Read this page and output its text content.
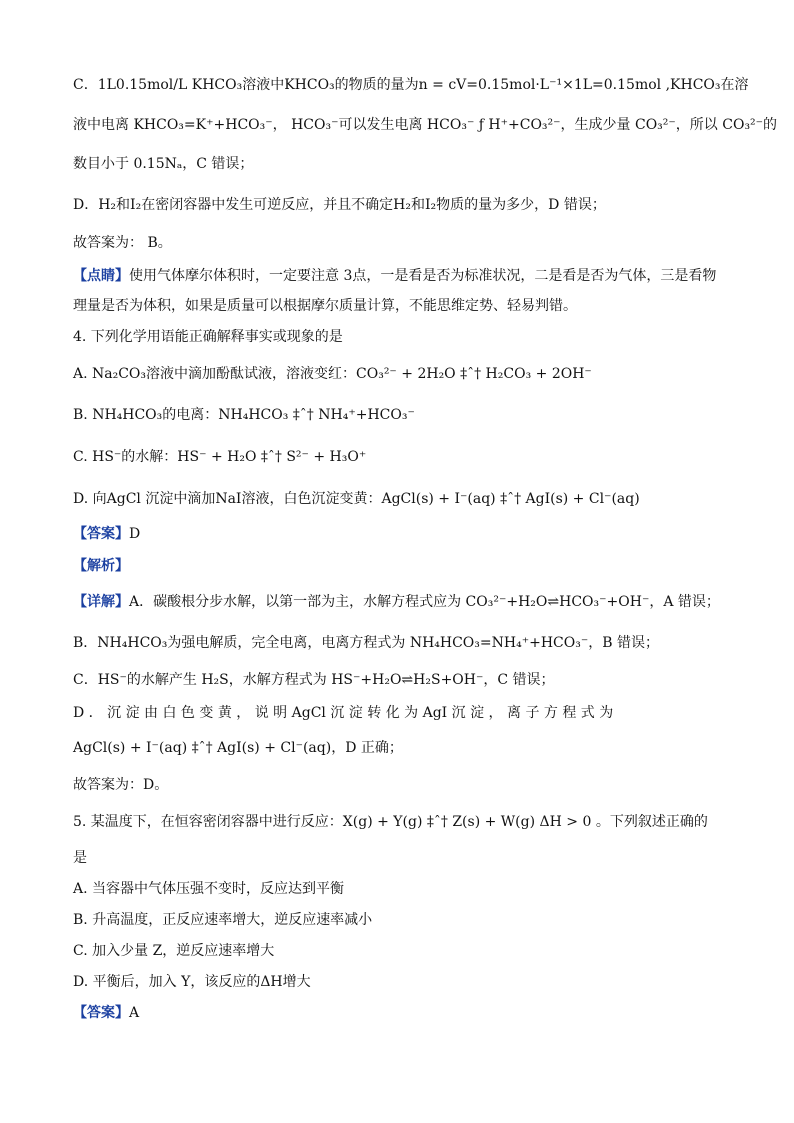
C．1L0.15mol/L KHCO₃溶液中KHCO₃的物质的量为n = cV=0.15mol·L⁻¹×1L=0.15mol ,KHCO₃在溶
液中电离 KHCO₃=K⁺+HCO₃⁻， HCO₃⁻可以发生电离 HCO₃⁻ ƒ H⁺+CO₃²⁻，生成少量 CO₃²⁻，所以 CO₃²⁻的
数目小于 0.15Nₐ，C 错误；
D．H₂和I₂在密闭容器中发生可逆反应，并且不确定H₂和I₂物质的量为多少，D 错误；
故答案为： B。
【点睛】使用气体摩尔体积时，一定要注意 3点，一是看是否为标准状况，二是看是否为气体，三是看物
理量是否为体积，如果是质量可以根据摩尔质量计算，不能思维定势、轻易判错。
4. 下列化学用语能正确解释事实或现象的是
A. Na₂CO₃溶液中滴加酚酞试液，溶液变红：CO₃²⁻ + 2H₂O ‡ˆ† H₂CO₃ + 2OH⁻
B. NH₄HCO₃的电离：NH₄HCO₃ ‡ˆ† NH₄⁺+HCO₃⁻
C. HS⁻的水解：HS⁻ + H₂O ‡ˆ† S²⁻ + H₃O⁺
D. 向AgCl 沉淀中滴加NaI溶液，白色沉淀变黄：AgCl(s) + I⁻(aq) ‡ˆ† AgI(s) + Cl⁻(aq)
【答案】D
【解析】
【详解】A．碳酸根分步水解，以第一部为主，水解方程式应为 CO₃²⁻+H₂O⇌HCO₃⁻+OH⁻，A 错误；
B．NH₄HCO₃为强电解质，完全电离，电离方程式为 NH₄HCO₃=NH₄⁺+HCO₃⁻，B 错误；
C．HS⁻的水解产生 H₂S，水解方程式为 HS⁻+H₂O⇌H₂S+OH⁻，C 错误；
D ． 沉 淀 由 白 色 变 黄 ， 说 明 AgCl 沉 淀 转 化 为 AgI 沉 淀 ， 离 子 方 程 式 为
AgCl(s) + I⁻(aq) ‡ˆ† AgI(s) + Cl⁻(aq)，D 正确；
故答案为：D。
5. 某温度下，在恒容密闭容器中进行反应：X(g) + Y(g) ‡ˆ† Z(s) + W(g) ΔH > 0 。下列叙述正确的
是
A. 当容器中气体压强不变时，反应达到平衡
B. 升高温度，正反应速率增大，逆反应速率减小
C. 加入少量 Z，逆反应速率增大
D. 平衡后，加入 Y，该反应的ΔH增大
【答案】A
